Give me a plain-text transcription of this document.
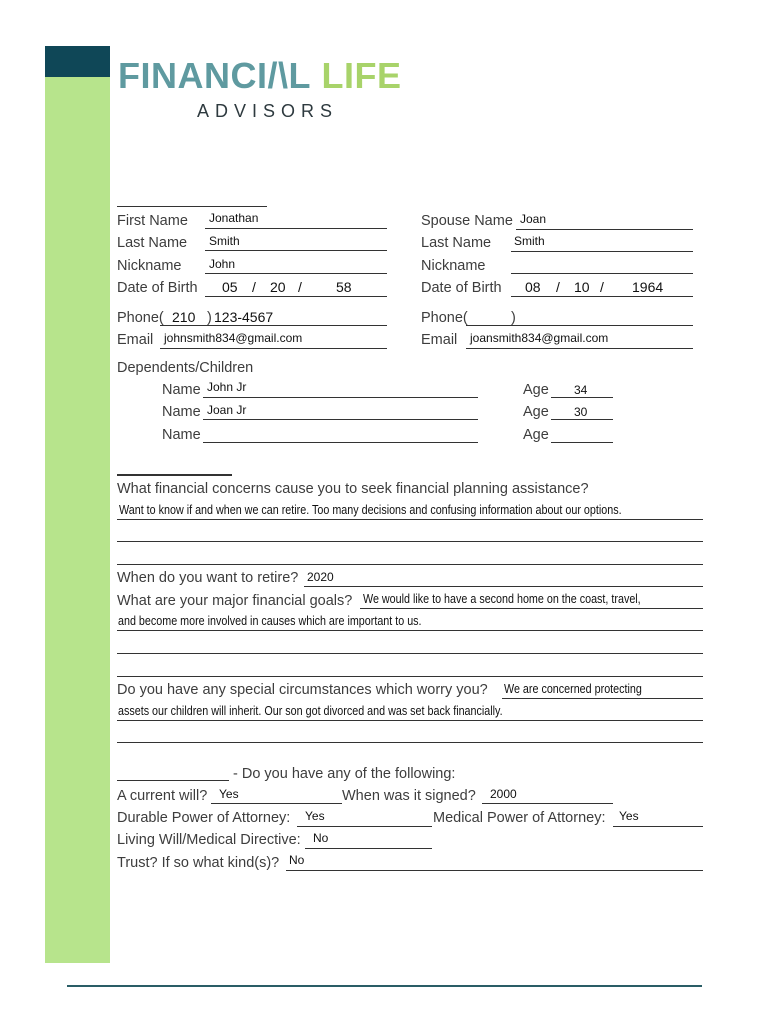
FINANCI/\L LIFE
ADVISORS
First Name Jonathan
Last Name Smith
Nickname John
Date of Birth 05 / 20 / 58
Phone( 210 ) 123-4567
Email johnsmith834@gmail.com
Spouse Name Joan
Last Name Smith
Nickname
Date of Birth 08 / 10 / 1964
Phone(	)
Email joansmith834@gmail.com
Dependents/Children
Name John Jr	Age 34
Name Joan Jr	Age 30
Name	Age
What financial concerns cause you to seek financial planning assistance?
Want to know if and when we can retire. Too many decisions and confusing information about our options.
When do you want to retire? 2020
What are your major financial goals? We would like to have a second home on the coast, travel,
and become more involved in causes which are important to us.
Do you have any special circumstances which worry you? We are concerned protecting
assets our children will inherit. Our son got divorced and was set back financially.
- Do you have any of the following:
A current will? Yes	When was it signed? 2000
Durable Power of Attorney: Yes	Medical Power of Attorney: Yes
Living Will/Medical Directive: No
Trust? If so what kind(s)? No
